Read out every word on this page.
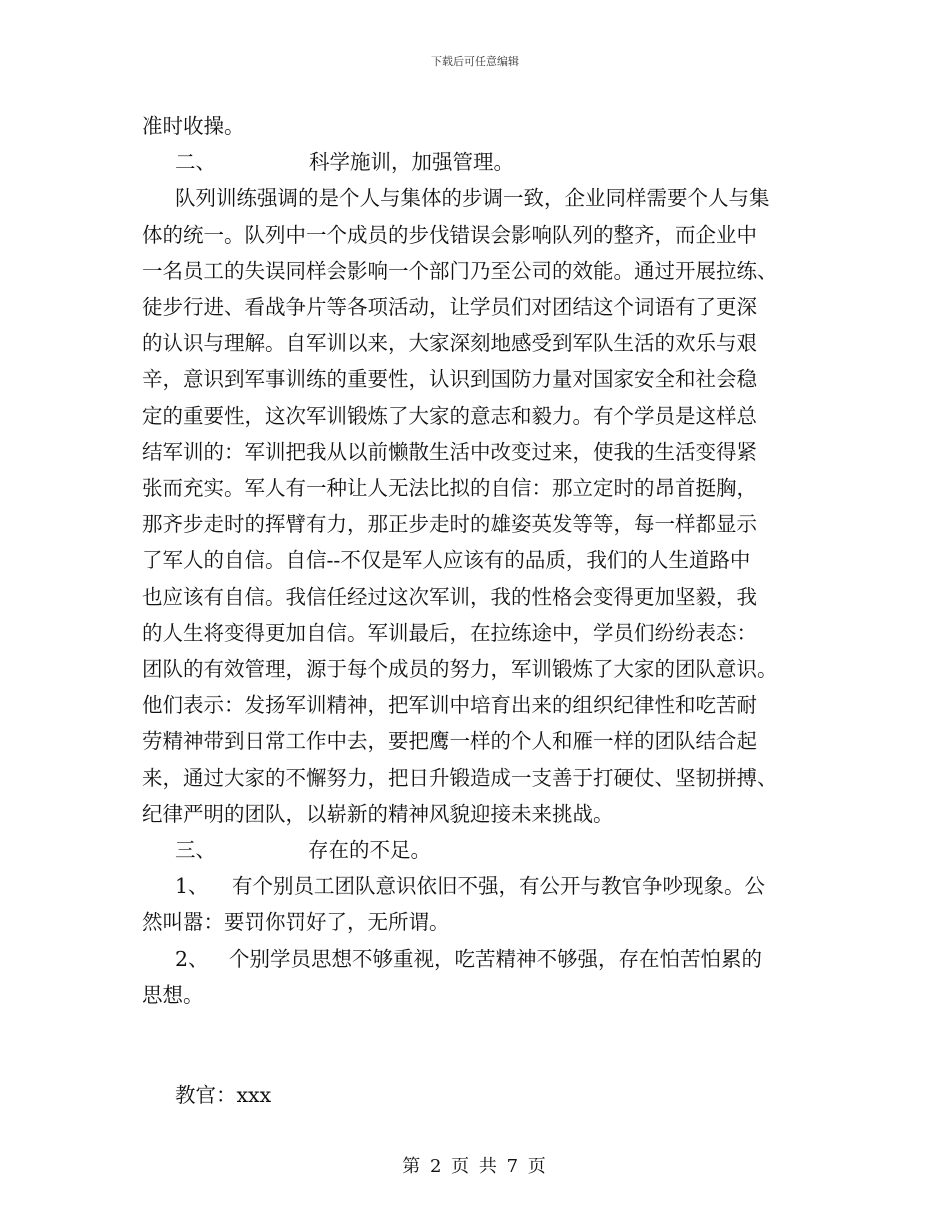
下载后可任意编辑

准时收操。

二、	科学施训，加强管理。

队列训练强调的是个人与集体的步调一致，企业同样需要个人与集

体的统一。队列中一个成员的步伐错误会影响队列的整齐，而企业中

一名员工的失误同样会影响一个部门乃至公司的效能。通过开展拉练、

徒步行进、看战争片等各项活动，让学员们对团结这个词语有了更深

的认识与理解。自军训以来，大家深刻地感受到军队生活的欢乐与艰

辛，意识到军事训练的重要性，认识到国防力量对国家安全和社会稳

定的重要性，这次军训锻炼了大家的意志和毅力。有个学员是这样总

结军训的：军训把我从以前懒散生活中改变过来，使我的生活变得紧

张而充实。军人有一种让人无法比拟的自信：那立定时的昂首挺胸，

那齐步走时的挥臂有力，那正步走时的雄姿英发等等，每一样都显示

了军人的自信。自信--不仅是军人应该有的品质，我们的人生道路中

也应该有自信。我信任经过这次军训，我的性格会变得更加坚毅，我

的人生将变得更加自信。军训最后，在拉练途中，学员们纷纷表态：

团队的有效管理，源于每个成员的努力，军训锻炼了大家的团队意识。

他们表示：发扬军训精神，把军训中培育出来的组织纪律性和吃苦耐

劳精神带到日常工作中去，要把鹰一样的个人和雁一样的团队结合起

来，通过大家的不懈努力，把日升锻造成一支善于打硬仗、坚韧拼搏、

纪律严明的团队，以崭新的精神风貌迎接未来挑战。

三、	存在的不足。

1、 有个别员工团队意识依旧不强，有公开与教官争吵现象。公

然叫嚣：要罚你罚好了，无所谓。

2、 个别学员思想不够重视，吃苦精神不够强，存在怕苦怕累的

思想。

教官：xxx
第 2 页 共 7 页
